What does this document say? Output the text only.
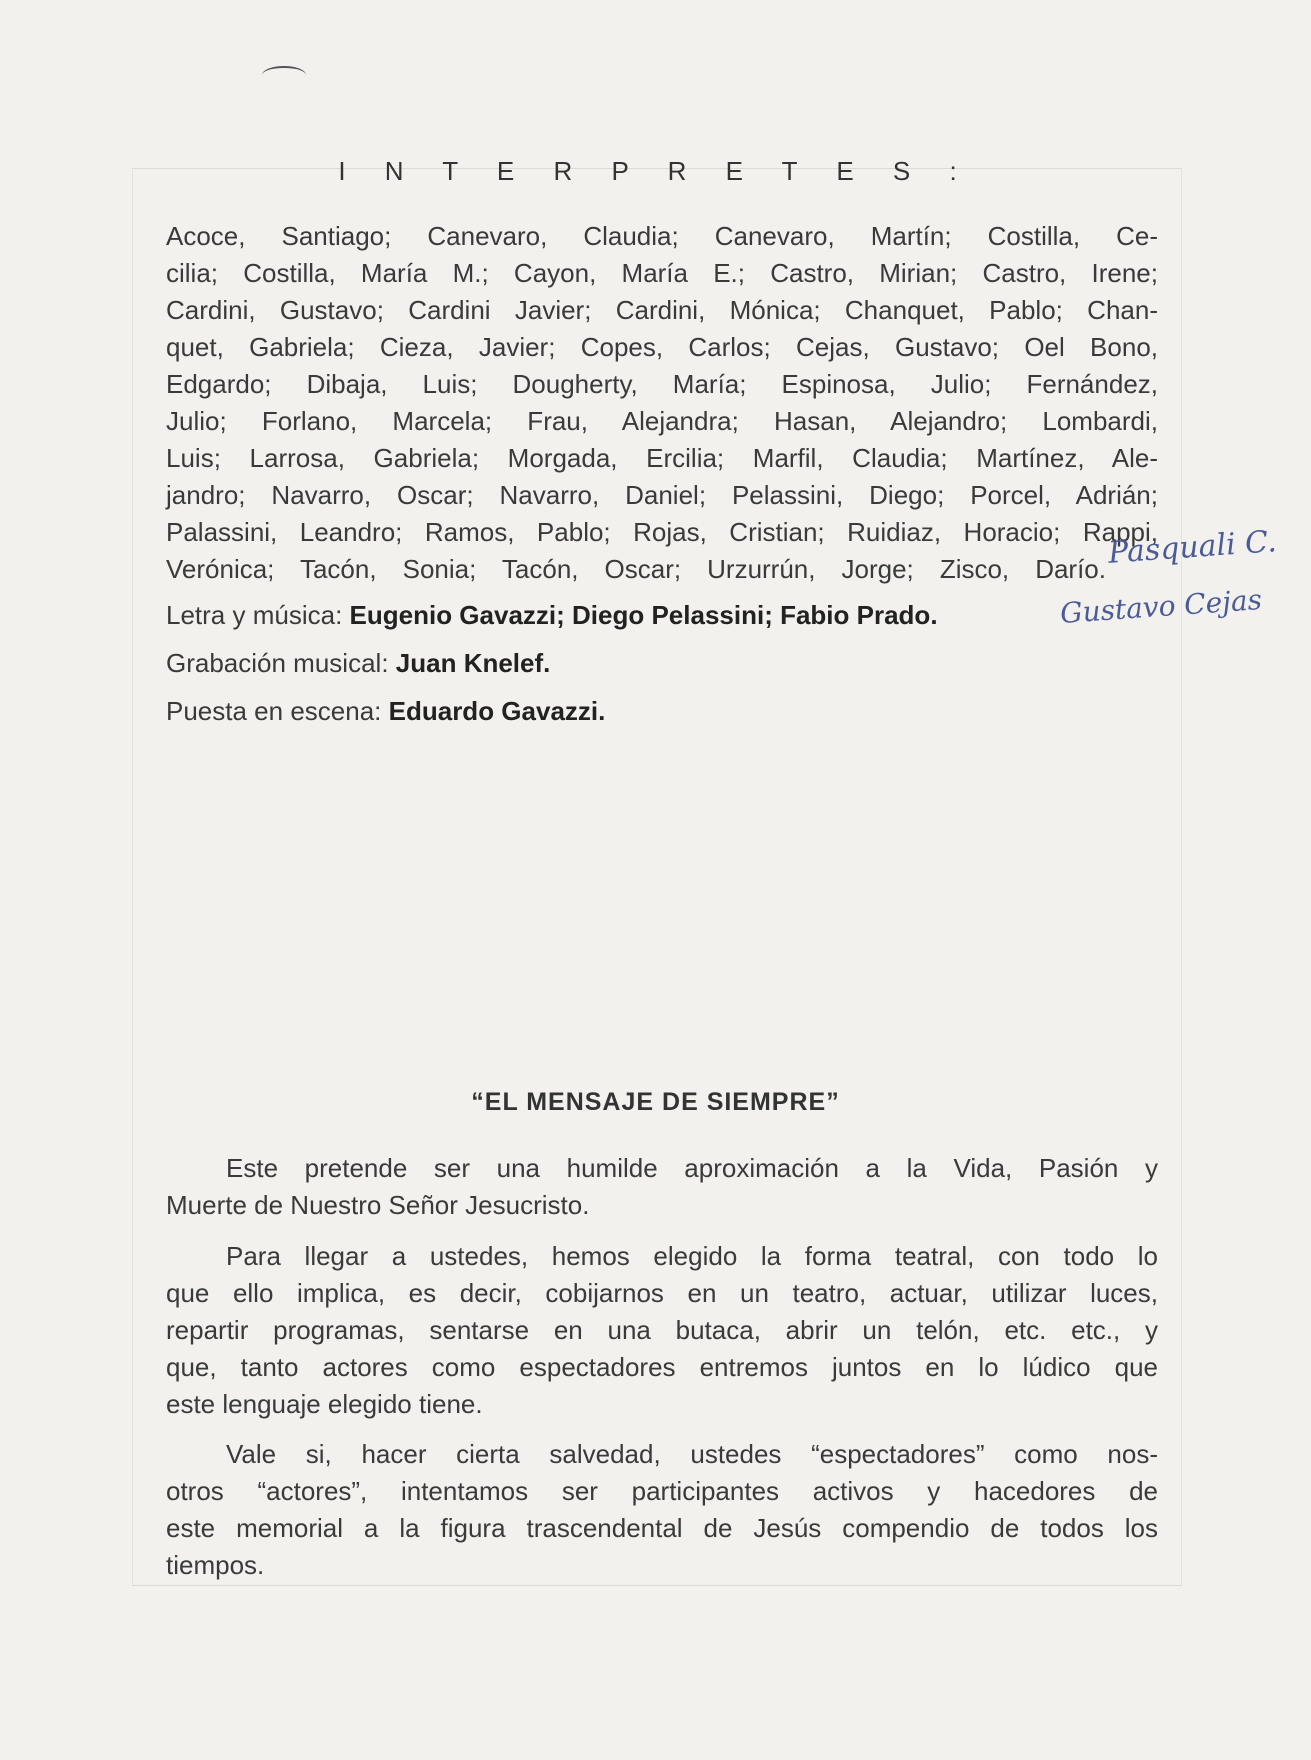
I N T E R P R E T E S :
Acoce, Santiago; Canevaro, Claudia; Canevaro, Martín; Costilla, Ce-
cilia; Costilla, María M.; Cayon, María E.; Castro, Mirian; Castro, Irene;
Cardini, Gustavo; Cardini Javier; Cardini, Mónica; Chanquet, Pablo; Chan-
quet, Gabriela; Cieza, Javier; Copes, Carlos; Cejas, Gustavo; Oel Bono,
Edgardo; Dibaja, Luis; Dougherty, María; Espinosa, Julio; Fernández,
Julio; Forlano, Marcela; Frau, Alejandra; Hasan, Alejandro; Lombardi,
Luis; Larrosa, Gabriela; Morgada, Ercilia; Marfil, Claudia; Martínez, Ale-
jandro; Navarro, Oscar; Navarro, Daniel; Pelassini, Diego; Porcel, Adrián;
Palassini, Leandro; Ramos, Pablo; Rojas, Cristian; Ruidiaz, Horacio; Rappi,
Verónica; Tacón, Sonia; Tacón, Oscar; Urzurrún, Jorge; Zisco, Darío. Pasquali C.
Gustavo Cejas
Letra y música: Eugenio Gavazzi; Diego Pelassini; Fabio Prado.
Grabación musical: Juan Knelef.
Puesta en escena: Eduardo Gavazzi.
“EL MENSAJE DE SIEMPRE”
Este pretende ser una humilde aproximación a la Vida, Pasión y
Muerte de Nuestro Señor Jesucristo.
Para llegar a ustedes, hemos elegido la forma teatral, con todo lo
que ello implica, es decir, cobijarnos en un teatro, actuar, utilizar luces,
repartir programas, sentarse en una butaca, abrir un telón, etc. etc., y
que, tanto actores como espectadores entremos juntos en lo lúdico que
este lenguaje elegido tiene.
Vale si, hacer cierta salvedad, ustedes “espectadores” como nos-
otros “actores”, intentamos ser participantes activos y hacedores de
este memorial a la figura trascendental de Jesús compendio de todos los
tiempos.
